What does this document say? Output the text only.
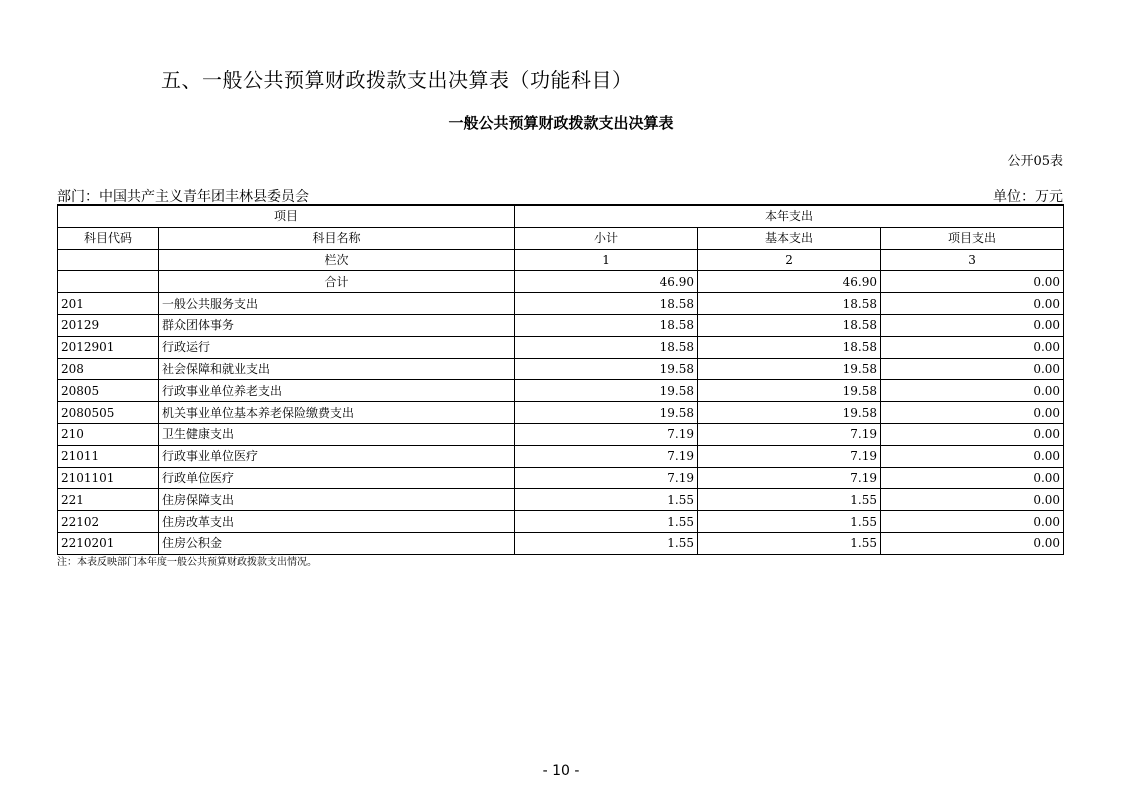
五、一般公共预算财政拨款支出决算表（功能科目）
一般公共预算财政拨款支出决算表
公开05表
部门：中国共产主义青年团丰林县委员会	单位：万元
项目		本年支出		
科目代码	科目名称	小计	基本支出	项目支出
	栏次	1	2	3
	合计	46.90	46.90	0.00
201	一般公共服务支出	18.58	18.58	0.00
20129	群众团体事务	18.58	18.58	0.00
2012901	行政运行	18.58	18.58	0.00
208	社会保障和就业支出	19.58	19.58	0.00
20805	行政事业单位养老支出	19.58	19.58	0.00
2080505	机关事业单位基本养老保险缴费支出	19.58	19.58	0.00
210	卫生健康支出	7.19	7.19	0.00
21011	行政事业单位医疗	7.19	7.19	0.00
2101101	行政单位医疗	7.19	7.19	0.00
221	住房保障支出	1.55	1.55	0.00
22102	住房改革支出	1.55	1.55	0.00
2210201	住房公积金	1.55	1.55	0.00
注：本表反映部门本年度一般公共预算财政拨款支出情况。
- 10 -
